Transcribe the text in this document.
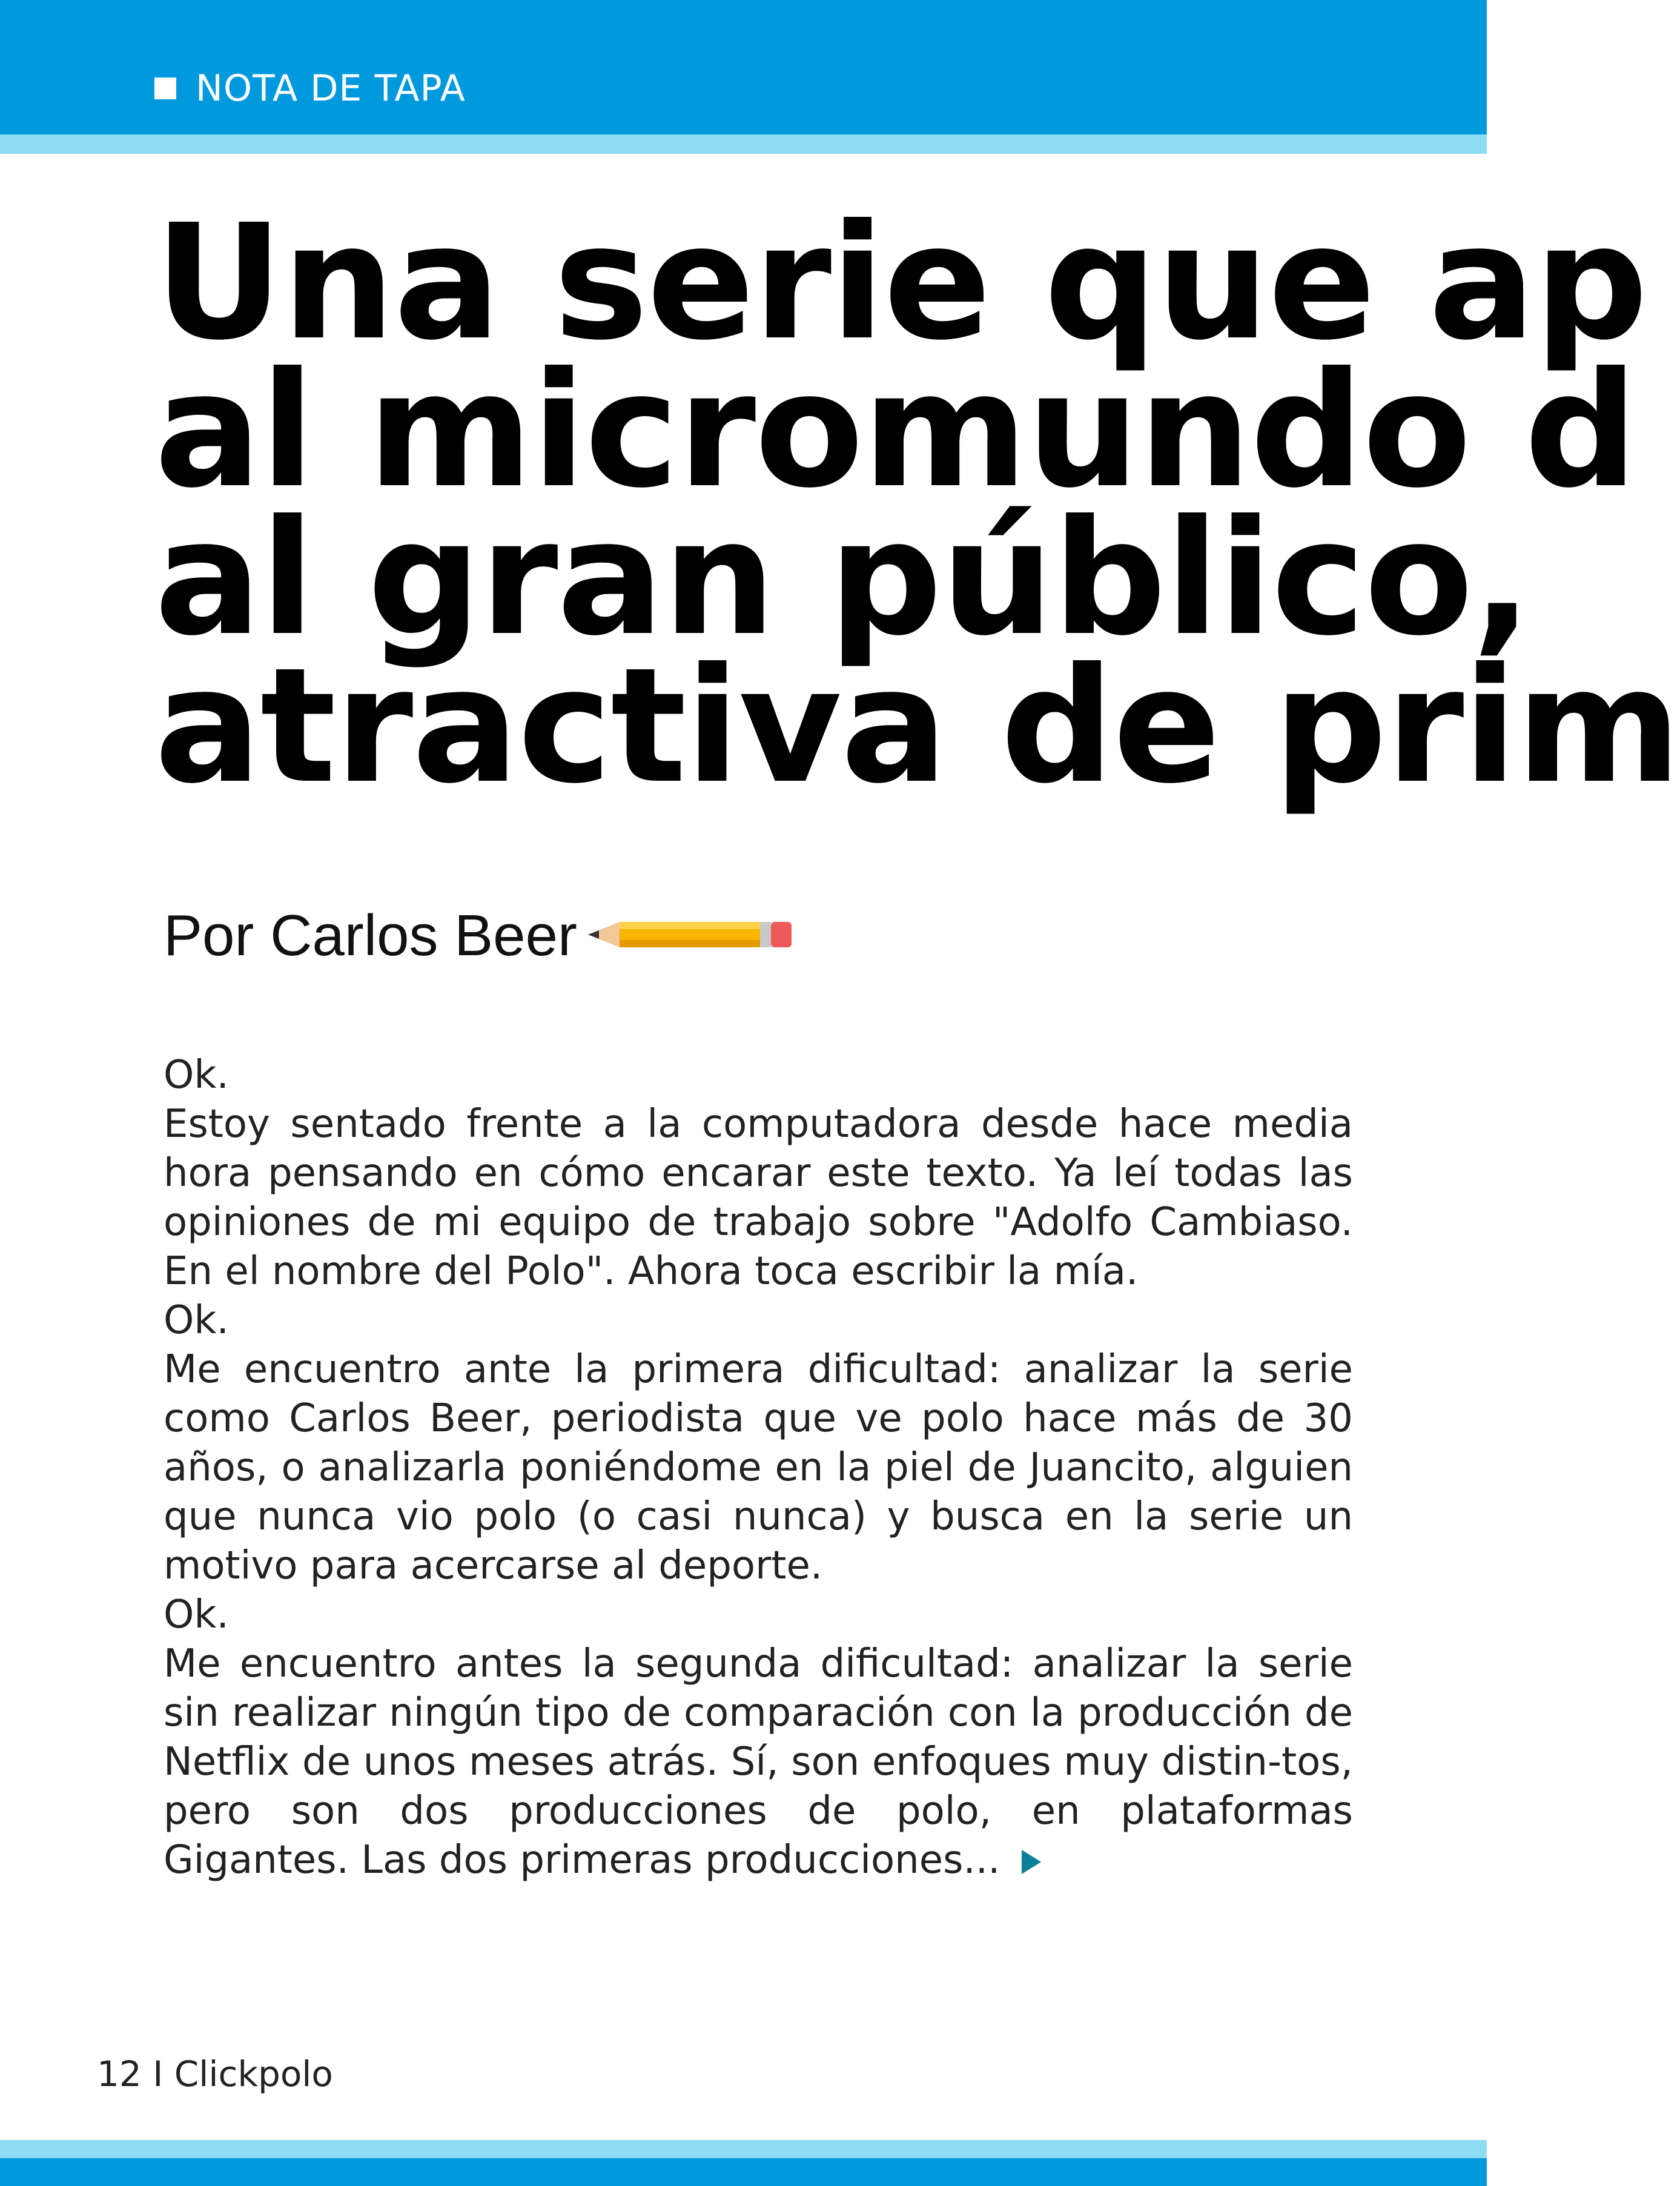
NOTA DE TAPA
Una serie que ap
al micromundo d
al gran público,
atractiva de prim
Por Carlos Beer

Ok.

Estoy sentado frente a la computadora desde hace media hora pensando en cómo encarar este texto. Ya leí todas las opiniones de mi equipo de trabajo sobre "Adolfo Cambiaso. En el nombre del Polo". Ahora toca escribir la mía.

Ok.

Me encuentro ante la primera dificultad: analizar la serie como Carlos Beer, periodista que ve polo hace más de 30 años, o analizarla poniéndome en la piel de Juancito, alguien que nunca vio polo (o casi nunca) y busca en la serie un motivo para acercarse al deporte.

Ok.

Me encuentro antes la segunda dificultad: analizar la serie sin realizar ningún tipo de comparación con la producción de Netflix de unos meses atrás. Sí, son enfoques muy distin-tos, pero son dos producciones de polo, en plataformas Gigantes. Las dos primeras producciones...

12 I Clickpolo
